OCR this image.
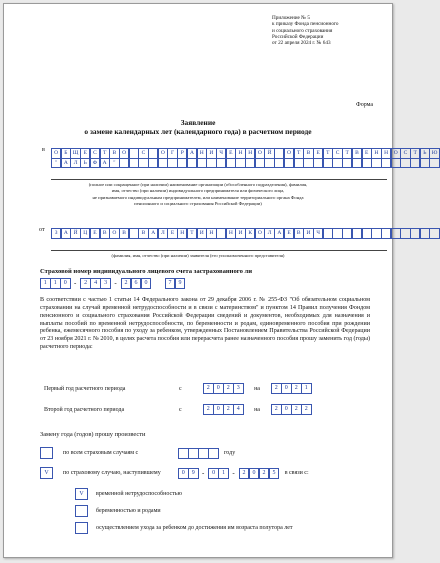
Приложение № 5
к приказу Фонда пенсионного
и социального страхования
Российской Федерации
от 22 апреля 2024 г. № 643
Форма
Заявление
о замене календарных лет (календарного года) в расчетном периоде
в	О	Б Щ Е	С	Т	В	О	С	О	Г	Р	А	Н	И	Ч	Е	Н	Н	О	Й	О	Т	В	Е	Т	С	Т	В	Е	Н	Н	О	С	Т	Ь Ю
"	А	Л	Ь	Ф	А	"
(полное или сокращенное (при наличии) наименование организации (обособленного подразделения), фамилия,
имя, отчество (при наличии) индивидуального предпринимателя или физического лица,
не признаваемого индивидуальным предпринимателем, или наименование территориального органа Фонда
пенсионного и социального страхования Российской Федерации)
от	З	А	Й	Ц	Е	В	О	В	В	А	Л	Е	Н	Т	И	Н	Н	И	К	О	Л	А	Е	В	И	Ч
(фамилия, имя, отчество (при наличии) заявителя (его уполномоченного представителя)
Страховой номер индивидуального лицевого счета застрахованного ли
1	1	0	-	2	4	3	-	2	6	0	7	9
В соответствии с частью 1 статьи 14 Федерального закона от 29 декабря 2006 г. № 255-ФЗ "Об обязательном социальном страховании на случай временной нетрудоспособности и в связи с материнством" и пунктом 14 Правил получения Фондом пенсионного и социального страхования Российской Федерации сведений и документов, необходимых для назначения и выплаты пособий по временной нетрудоспособности, по беременности и родам, единовременного пособия при рождении ребенка, ежемесячного пособия по уходу за ребенком, утвержденных Постановлением Правительства Российской Федерации от 23 ноября 2021 г. № 2010, в целях расчета пособия или перерасчета ранее назначенного пособия прошу заменить год (годы) расчетного периода:
Первый год расчетного периода	с	2	0	2	3	на	2	0	2	1
Второй год расчетного периода	с	2	0	2	4	на	2	0	2	2
Замену года (годов) прошу произвести
по всем страховым случаям с	году
V	по страховому случаю, наступившему	0	9	-	0	1	-	2	0	2	5	в связи с:
V	временной нетрудоспособностью
беременностью и родами
осуществлением ухода за ребенком до достижения им возраста полутора лет
